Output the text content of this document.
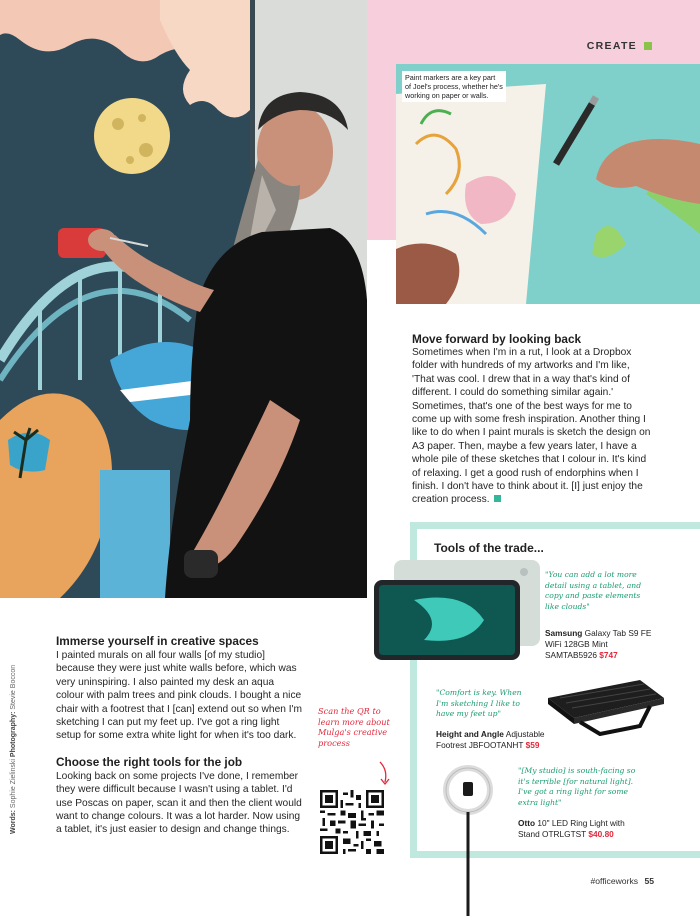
CREATE
Paint markers are a key part of Joel's process, whether he's working on paper or walls.
Move forward by looking back
Sometimes when I'm in a rut, I look at a Dropbox folder with hundreds of my artworks and I'm like, 'That was cool. I drew that in a way that's kind of different. I could do something similar again.' Sometimes, that's one of the best ways for me to come up with some fresh inspiration. Another thing I like to do when I paint murals is sketch the design on A3 paper. Then, maybe a few years later, I have a whole pile of these sketches that I colour in. It's kind of relaxing. I get a good rush of endorphins when I finish. I don't have to think about it. [I] just enjoy the creation process.
Immerse yourself in creative spaces
I painted murals on all four walls [of my studio] because they were just white walls before, which was very uninspiring. I also painted my desk an aqua colour with palm trees and pink clouds. I bought a nice chair with a footrest that I [can] extend out so when I'm sketching I can put my feet up. I've got a ring light setup for some extra white light for when it's too dark.
Choose the right tools for the job
Looking back on some projects I've done, I remember they were difficult because I wasn't using a tablet. I'd use Poscas on paper, scan it and then the client would want to change colours. It was a lot harder. Now using a tablet, it's just easier to design and change things.
Words: Sophie Zielinski Photography: Stevie Boccon
Scan the QR to learn more about Mulga's creative process
Tools of the trade...
"You can add a lot more detail using a tablet, and copy and paste elements like clouds"
Samsung Galaxy Tab S9 FE WiFi 128GB Mint SAMTAB5926 $747
"Comfort is key. When I'm sketching I like to have my feet up"
Height and Angle Adjustable Footrest JBFOOTANHT $59
"[My studio] is south-facing so it's terrible [for natural light]. I've got a ring light for some extra light"
Otto 10" LED Ring Light with Stand OTRLGTST $40.80
#officeworks 55
